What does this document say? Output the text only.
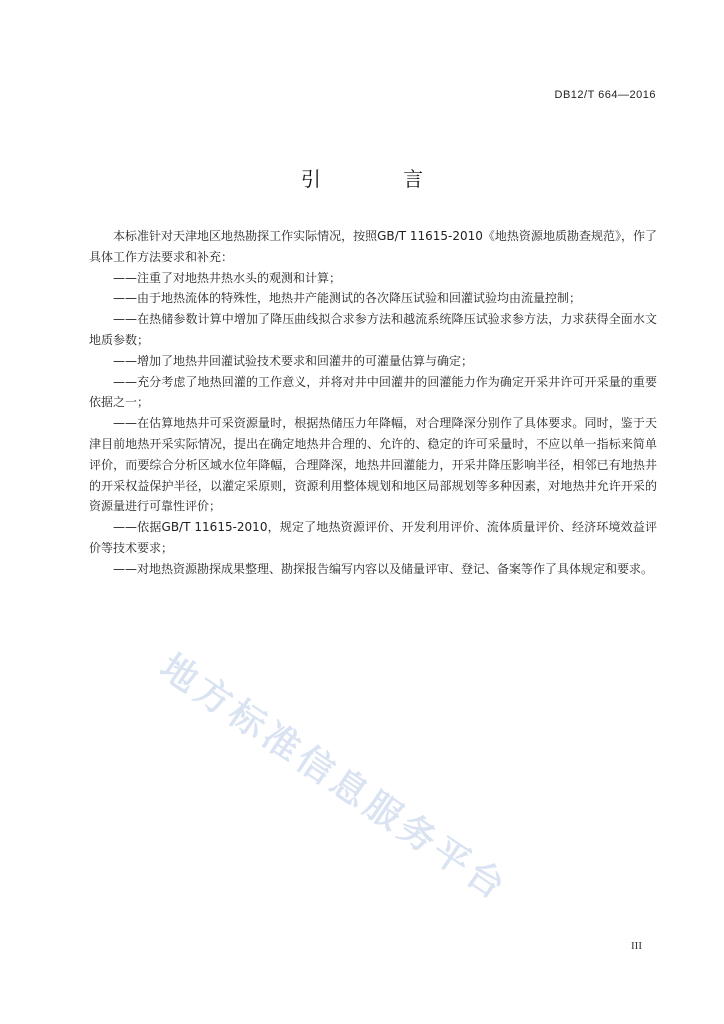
DB12/T 664—2016
引 言

本标准针对天津地区地热勘探工作实际情况，按照GB/T 11615-2010《地热资源地质勘查规范》，作了具体工作方法要求和补充：

——注重了对地热井热水头的观测和计算；

——由于地热流体的特殊性，地热井产能测试的各次降压试验和回灌试验均由流量控制；

——在热储参数计算中增加了降压曲线拟合求参方法和越流系统降压试验求参方法，力求获得全面水文地质参数；

——增加了地热井回灌试验技术要求和回灌井的可灌量估算与确定；

——充分考虑了地热回灌的工作意义，并将对井中回灌井的回灌能力作为确定开采井许可开采量的重要依据之一；

——在估算地热井可采资源量时，根据热储压力年降幅，对合理降深分别作了具体要求。同时，鉴于天津目前地热开采实际情况，提出在确定地热井合理的、允许的、稳定的许可采量时，不应以单一指标来简单评价，而要综合分析区域水位年降幅，合理降深，地热井回灌能力，开采井降压影响半径，相邻已有地热井的开采权益保护半径，以灌定采原则，资源利用整体规划和地区局部规划等多种因素，对地热井允许开采的资源量进行可靠性评价；

——依据GB/T 11615-2010，规定了地热资源评价、开发利用评价、流体质量评价、经济环境效益评价等技术要求；

——对地热资源勘探成果整理、勘探报告编写内容以及储量评审、登记、备案等作了具体规定和要求。

地方标准信息服务平台
III
